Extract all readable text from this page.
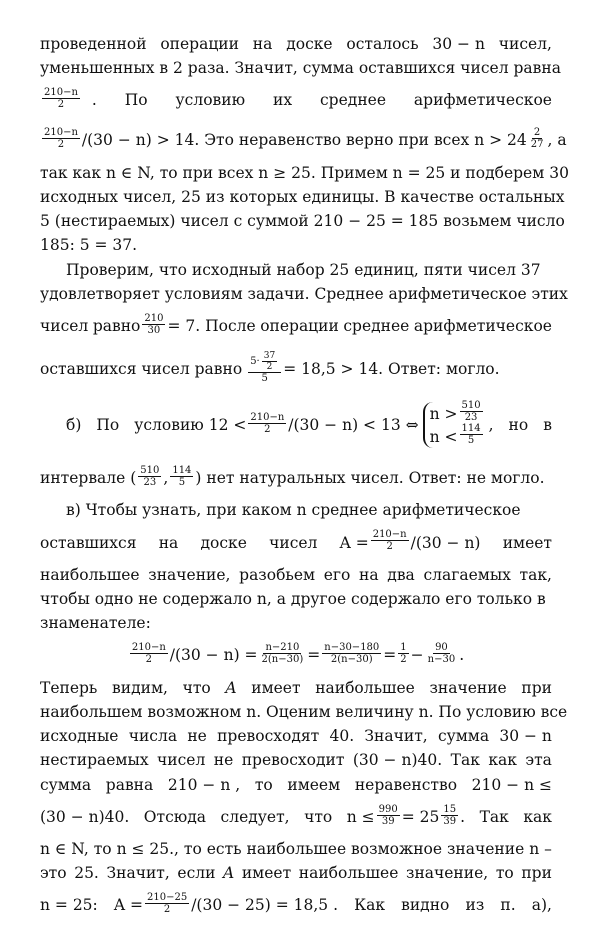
проведенной операции на доске осталось 30 − n чисел,
уменьшенных в 2 раза. Значит, сумма оставшихся чисел равна
$\frac{210-n}{2}$ . По условию их среднее арифметическое
$\frac{210-n}{2} /(30 - n) > 14$. Это неравенство верно при всех $n > 24 \frac{2}{27}$ , а
так как n ∈ N, то при всех n ≥ 25. Примем n = 25 и подберем 30
исходных чисел, 25 из которых единицы. В качестве остальных
5 (нестираемых) чисел с суммой 210 − 25 = 185 возьмем число
185: 5 = 37.
Проверим, что исходный набор 25 единиц, пяти чисел 37
удовлетворяет условиям задачи. Среднее арифметическое этих
чисел равно $\frac{210}{30} = 7$. После операции среднее арифметическое
оставшихся чисел равно $\frac{5\cdot \frac{37}{2}}{5} = 18,5 > 14$. Ответ: могло.
б) По условию $12 < \frac{210-n}{2} /(30 - n) < 13$ ⇔
$n > \frac{510}{23}$
$n < \frac{114}{5}$ , но в
интервале ( $\frac{510}{23}$ , $\frac{114}{5}$ ) нет натуральных чисел. Ответ: не могло.
в) Чтобы узнать, при каком n среднее арифметическое
оставшихся на доске чисел $A = \frac{210-n}{2} /(30 - n)$ имеет
наибольшее значение, разобьем его на два слагаемых так,
чтобы одно не содержало n, а другое содержало его только в
знаменателе:
$\frac{210-n}{2} /(30 - n) = \frac{n-210}{2(n-30)} = \frac{n-30-180}{2(n-30)} = \frac{1}{2} - \frac{90}{n-30}$ .
Теперь видим, что A имеет наибольшее значение при
наибольшем возможном n. Оценим величину n. По условию все
исходные числа не превосходят 40. Значит, сумма 30 − n
нестираемых чисел не превосходит (30 − n)40. Так как эта
сумма равна 210 − n , то имеем неравенство 210 − n ≤
(30 − n)40. Отсюда следует, что $n \le \frac{990}{39} = 25 \frac{15}{39}$ . Так как
n ∈ N, то n ≤ 25., то есть наибольшее возможное значение n –
это 25. Значит, если A имеет наибольшее значение, то при
n = 25: $A = \frac{210-25}{2} /(30 - 25) = 18,5$ . Как видно из п. а),
